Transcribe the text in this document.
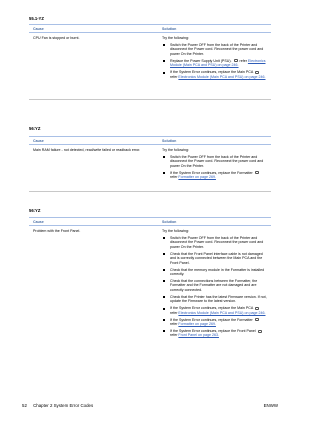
55.1-YZ
Cause	Solution
CPU Fan is stopped or burnt.	Try the following:
Switch the Power OFF from the back of the Printer and disconnect the Power cord. Reconnect the power cord and power On the Printer.
Replace the Power Supply Unit (PSU). refer Electronics Module (Main PCA and PSU) on page 246.
If the System Error continues, replace the Main PCA  refer Electronics Module (Main PCA and PSU) on page 246.
56:YZ
Cause	Solution
Main RAM failure - not detected, read/write failed or readback error.	Try the following:
Switch the Power OFF from the back of the Printer and disconnect the Power cord. Reconnect the power cord and power On the Printer.
If the System Error continues, replace the Formatter  refer Formatter on page 269.
56:YZ
Cause	Solution
Problem with the Front Panel.	Try the following:
Switch the Power OFF from the back of the Printer and disconnect the Power cord. Reconnect the power cord and power On the Printer.
Check that the Front Panel interface cable is not damaged and is correctly connected between the Main PCA and the Front Panel.
Check that the memory module in the Formatter is installed correctly.
Check that the connections between the Formatter, the Formatter and the Formatter are not damaged and are correctly connected.
Check that the Printer has the latest Firmware version. If not, update the Firmware to the latest version.
If the System Error continues, replace the Main PCA  refer Electronics Module (Main PCA and PSU) on page 246.
If the System Error continues, replace the Formatter  refer Formatter on page 269.
If the System Error continues, replace the Front Panel  refer Front Panel on page 263.
52 Chapter 2 System Error Codes	ENWW
